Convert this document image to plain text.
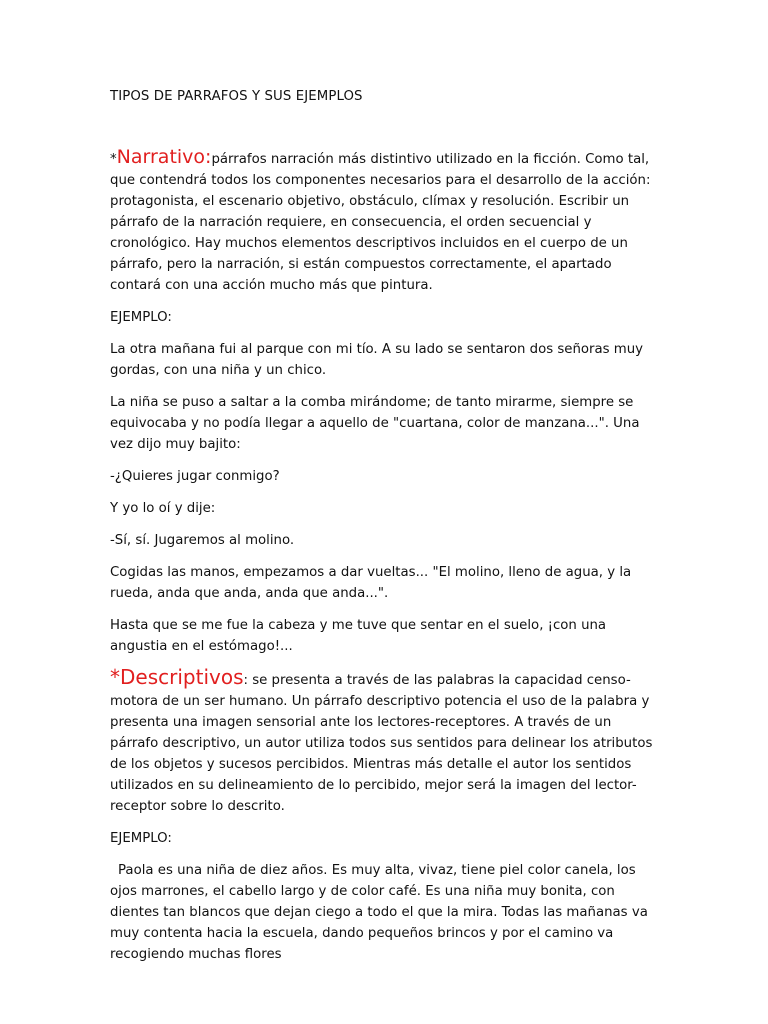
TIPOS DE PARRAFOS Y SUS EJEMPLOS

*Narrativo:párrafos narración más distintivo utilizado en la ficción. Como tal, que contendrá todos los componentes necesarios para el desarrollo de la acción: protagonista, el escenario objetivo, obstáculo, clímax y resolución. Escribir un párrafo de la narración requiere, en consecuencia, el orden secuencial y cronológico. Hay muchos elementos descriptivos incluidos en el cuerpo de un párrafo, pero la narración, si están compuestos correctamente, el apartado contará con una acción mucho más que pintura.

EJEMPLO:

La otra mañana fui al parque con mi tío. A su lado se sentaron dos señoras muy gordas, con una niña y un chico.

La niña se puso a saltar a la comba mirándome; de tanto mirarme, siempre se equivocaba y no podía llegar a aquello de "cuartana, color de manzana...". Una vez dijo muy bajito:

-¿Quieres jugar conmigo?

Y yo lo oí y dije:

-Sí, sí. Jugaremos al molino.

Cogidas las manos, empezamos a dar vueltas... "El molino, lleno de agua, y la rueda, anda que anda, anda que anda...".

Hasta que se me fue la cabeza y me tuve que sentar en el suelo, ¡con una angustia en el estómago!...

*Descriptivos: se presenta a través de las palabras la capacidad censo-motora de un ser humano. Un párrafo descriptivo potencia el uso de la palabra y presenta una imagen sensorial ante los lectores-receptores. A través de un párrafo descriptivo, un autor utiliza todos sus sentidos para delinear los atributos de los objetos y sucesos percibidos. Mientras más detalle el autor los sentidos utilizados en su delineamiento de lo percibido, mejor será la imagen del lector-receptor sobre lo descrito.

EJEMPLO:

Paola es una niña de diez años. Es muy alta, vivaz, tiene piel color canela, los ojos marrones, el cabello largo y de color café. Es una niña muy bonita, con dientes tan blancos que dejan ciego a todo el que la mira. Todas las mañanas va muy contenta hacia la escuela, dando pequeños brincos y por el camino va recogiendo muchas flores
